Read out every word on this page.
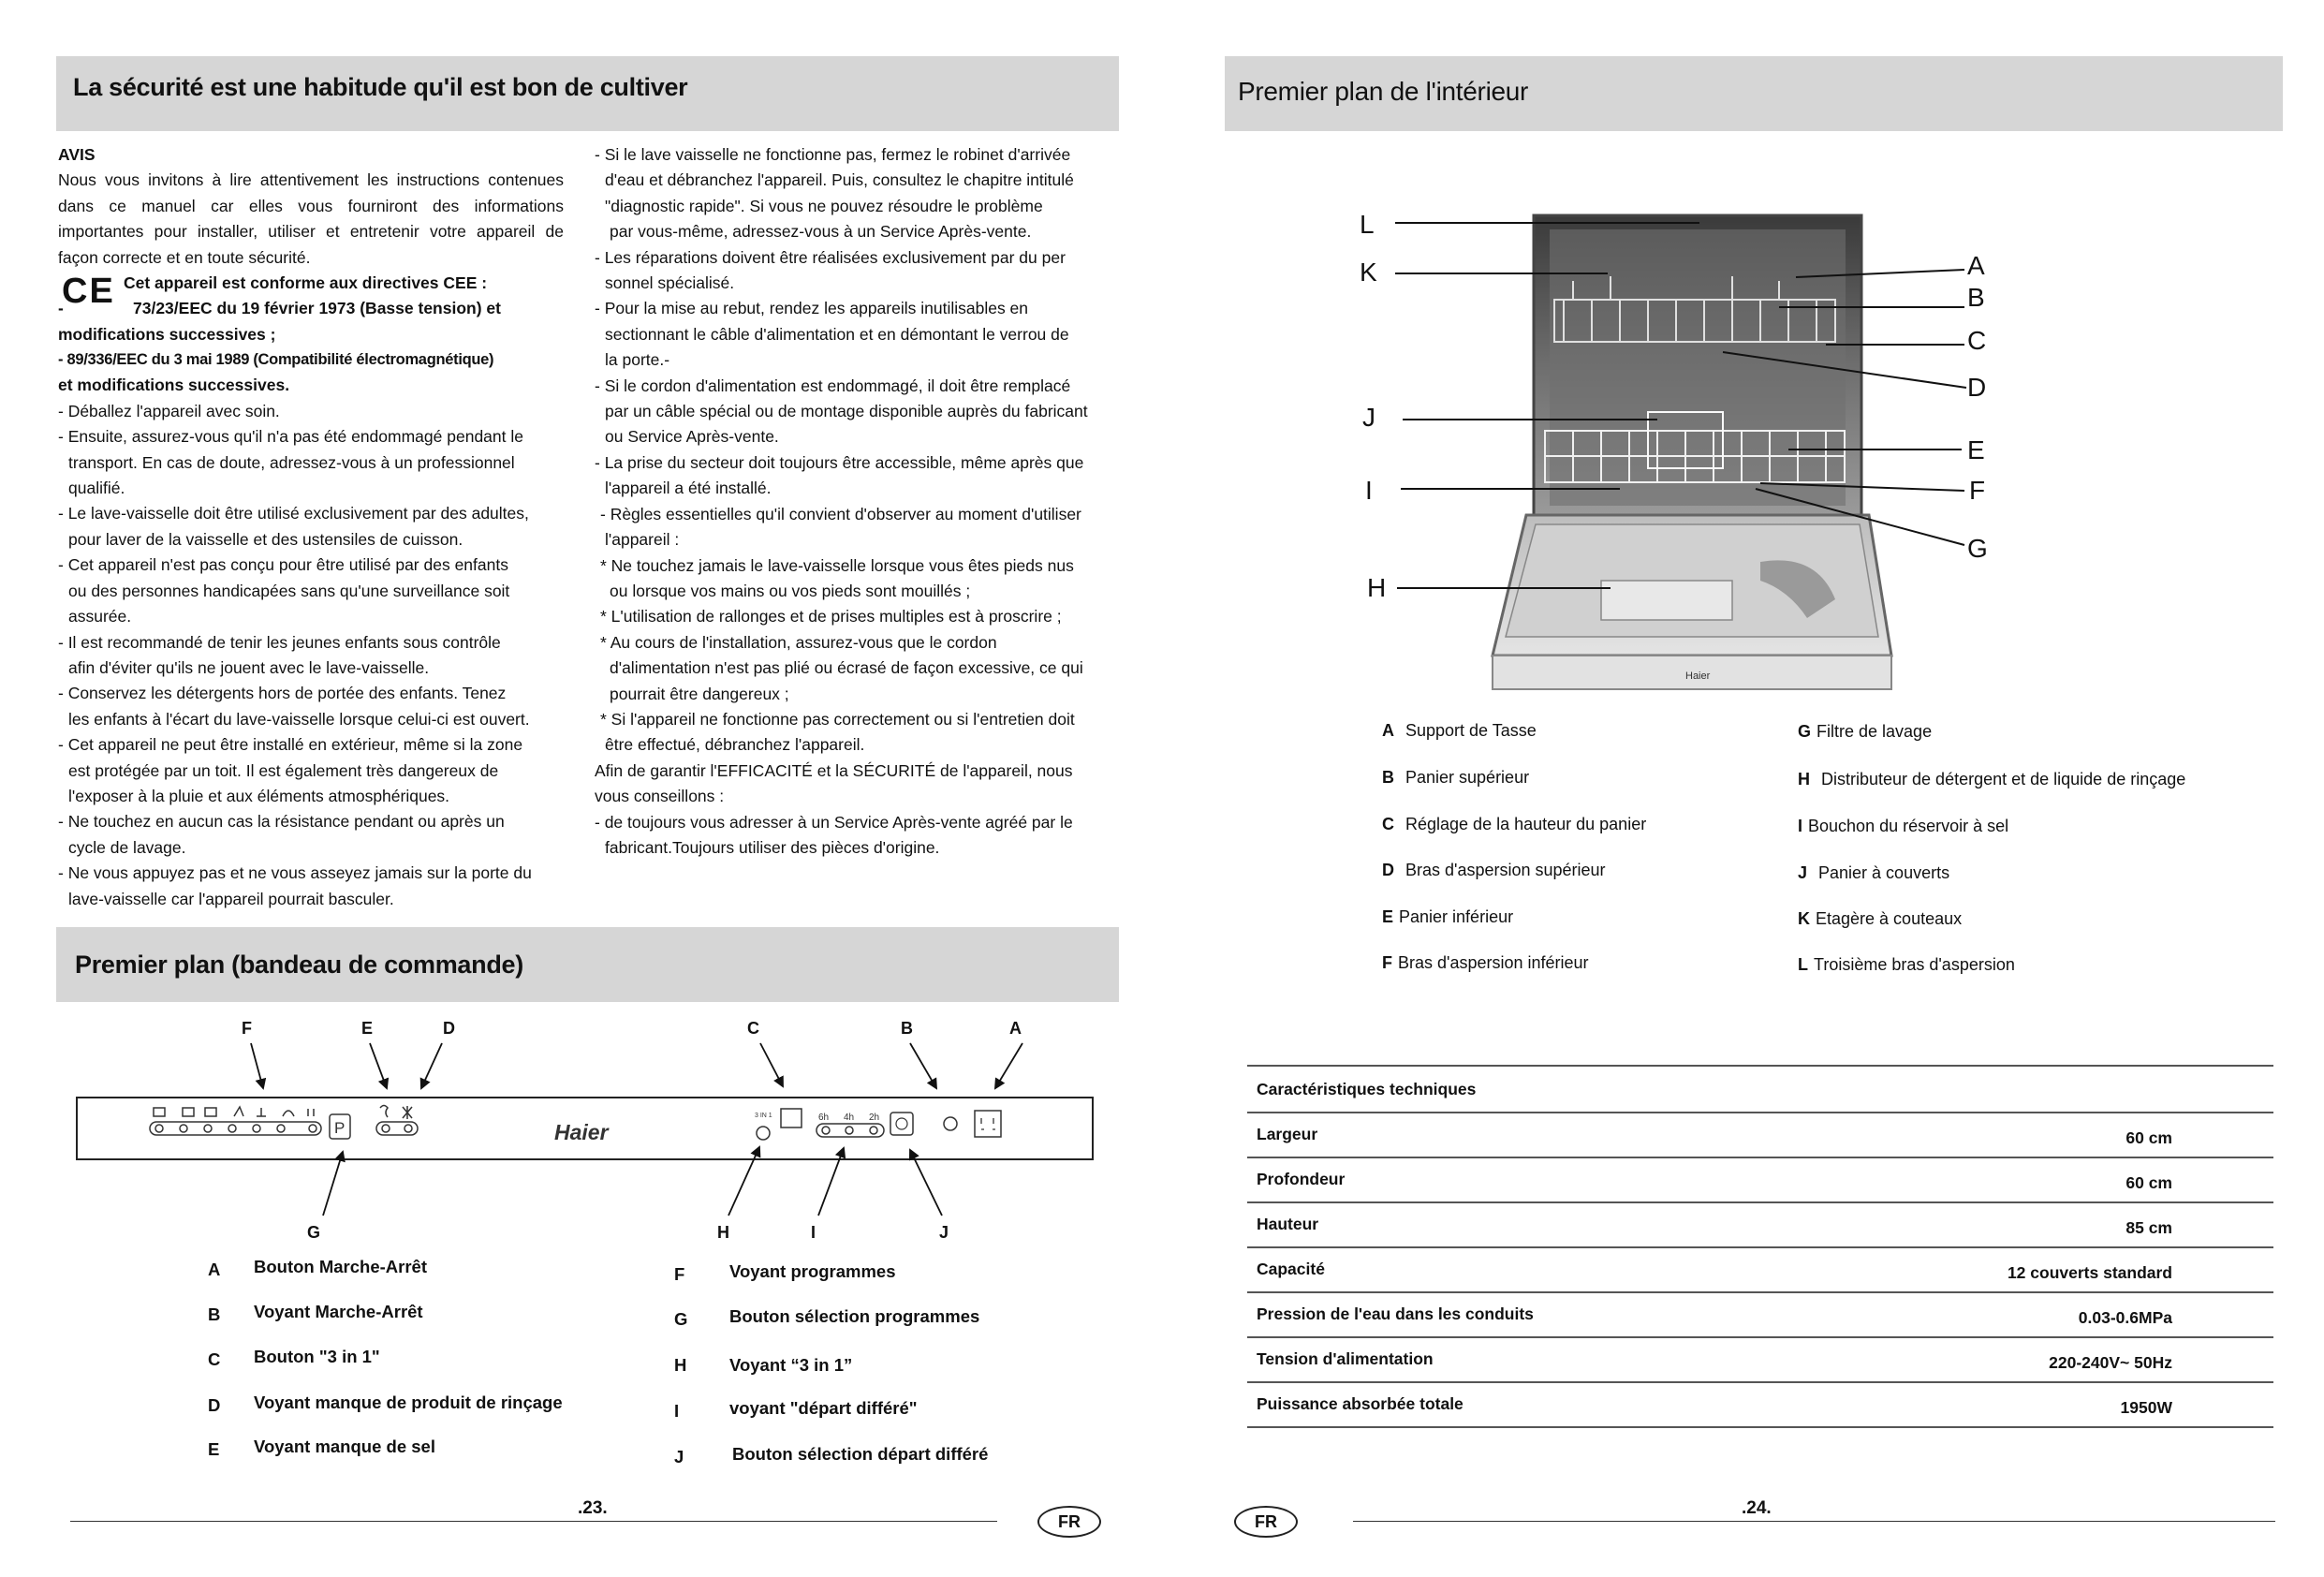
La sécurité est une habitude qu'il est bon de cultiver

AVIS

Nous vous invitons à lire attentivement les instructions contenues

dans ce manuel car elles vous fourniront des informations

importantes pour installer, utiliser et entretenir votre appareil de

façon correcte et en toute sécurité.

CE Cet appareil est conforme aux directives CEE :

-	73/23/EEC du 19 février 1973 (Basse tension) et

modifications successives ;

- 89/336/EEC du 3 mai 1989 (Compatibilité électromagnétique)

et modifications successives.

- Déballez l'appareil avec soin.

- Ensuite, assurez-vous qu'il n'a pas été endommagé pendant le

transport. En cas de doute, adressez-vous à un professionnel

qualifié.

- Le lave-vaisselle doit être utilisé exclusivement par des adultes,

pour laver de la vaisselle et des ustensiles de cuisson.

- Cet appareil n'est pas conçu pour être utilisé par des enfants

ou des personnes handicapées sans qu'une surveillance soit

assurée.

- Il est recommandé de tenir les jeunes enfants sous contrôle

afin d'éviter qu'ils ne jouent avec le lave-vaisselle.

- Conservez les détergents hors de portée des enfants. Tenez

les enfants à l'écart du lave-vaisselle lorsque celui-ci est ouvert.

- Cet appareil ne peut être installé en extérieur, même si la zone

est protégée par un toit. Il est également très dangereux de

l'exposer à la pluie et aux éléments atmosphériques.

- Ne touchez en aucun cas la résistance pendant ou après un

cycle de lavage.

- Ne vous appuyez pas et ne vous asseyez jamais sur la porte du

lave-vaisselle car l'appareil pourrait basculer.

- Si le lave vaisselle ne fonctionne pas, fermez le robinet d'arrivée

d'eau et débranchez l'appareil. Puis, consultez le chapitre intitulé

"diagnostic rapide". Si vous ne pouvez résoudre le problème

par vous-même, adressez-vous à un Service Après-vente.

- Les réparations doivent être réalisées exclusivement par du per

sonnel spécialisé.

- Pour la mise au rebut, rendez les appareils inutilisables en

sectionnant le câble d'alimentation et en démontant le verrou de

la porte.-

- Si le cordon d'alimentation est endommagé, il doit être remplacé

par un câble spécial ou de montage disponible auprès du fabricant

ou Service Après-vente.

- La prise du secteur doit toujours être accessible, même après que

l'appareil a été installé.

- Règles essentielles qu'il convient d'observer au moment d'utiliser

l'appareil :

* Ne touchez jamais le lave-vaisselle lorsque vous êtes pieds nus

ou lorsque vos mains ou vos pieds sont mouillés ;

* L'utilisation de rallonges et de prises multiples est à proscrire ;

* Au cours de l'installation, assurez-vous que le cordon

d'alimentation n'est pas plié ou écrasé de façon excessive, ce qui

pourrait être dangereux ;

* Si l'appareil ne fonctionne pas correctement ou si l'entretien doit

être effectué, débranchez l'appareil.

Afin de garantir l'EFFICACITÉ et la SÉCURITÉ de l'appareil, nous

vous conseillons :

- de toujours vous adresser à un Service Après-vente agréé par le

fabricant.Toujours utiliser des pièces d'origine.

Premier plan (bandeau de commande)
P	Haier
3 IN 1	6h 4h 2h
F	E	D	C	B	A
G	H	I	J
A Bouton Marche-Arrêt
B Voyant Marche-Arrêt
C Bouton "3 in 1"
D Voyant manque de produit de rinçage
E Voyant manque de sel
F	Voyant programmes
G Bouton sélection programmes
H Voyant “3 in 1”
I	voyant "départ différé"
J	Bouton sélection départ différé
.23.
FR
Premier plan de l'intérieur
Haier
L
K
J
I
H
A
B
C
D
E
F
G
A Support de Tasse
B Panier supérieur
C Réglage de la hauteur du panier
D Bras d'aspersion supérieur
E Panier inférieur
F Bras d'aspersion inférieur
G Filtre de lavage
H Distributeur de détergent et de liquide de rinçage
I Bouchon du réservoir à sel
J Panier à couverts
K Etagère à couteaux
L Troisième bras d'aspersion
Caractéristiques techniques
Largeur	60 cm
Profondeur	60 cm
Hauteur	85 cm
Capacité	12 couverts standard
Pression de l'eau dans les conduits	0.03-0.6MPa
Tension d'alimentation	220-240V~ 50Hz
Puissance absorbée totale	1950W
FR
.24.
